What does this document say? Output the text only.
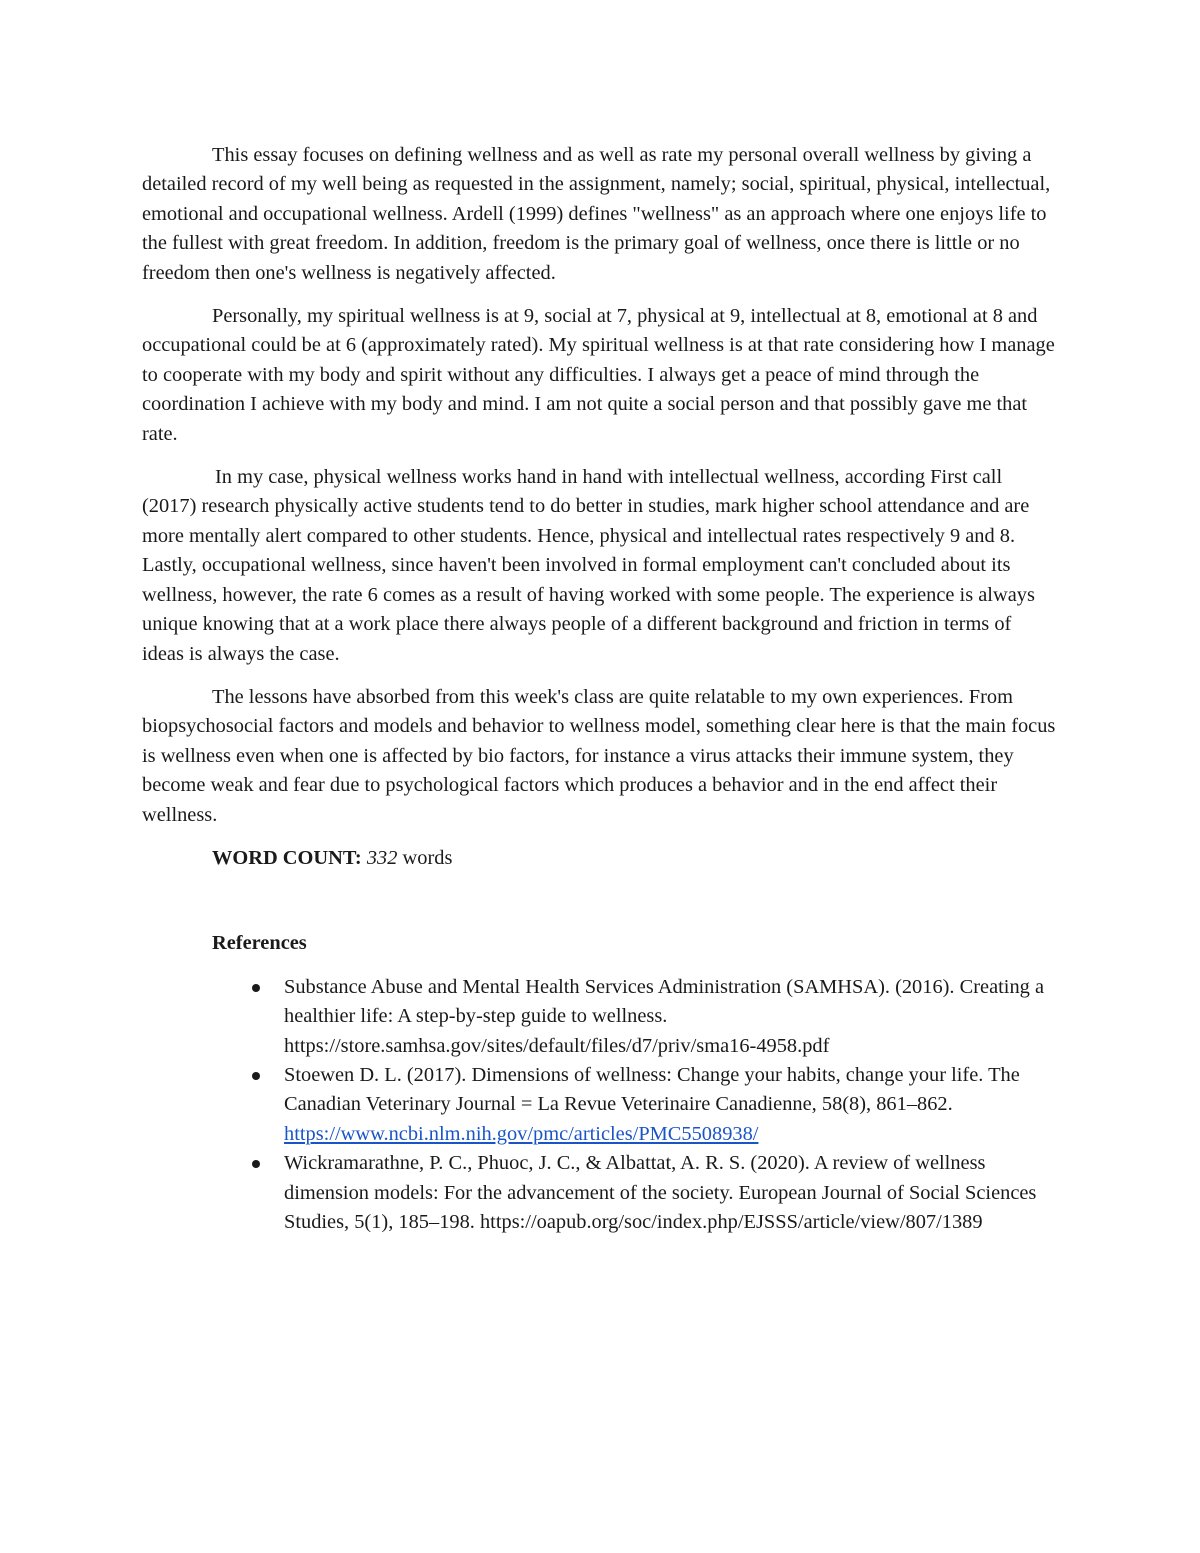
This essay focuses on defining wellness and as well as rate my personal overall wellness by giving a detailed record of my well being as requested in the assignment, namely; social, spiritual, physical, intellectual, emotional and occupational wellness. Ardell (1999) defines "wellness" as an approach where one enjoys life to the fullest with great freedom. In addition, freedom is the primary goal of wellness, once there is little or no freedom then one's wellness is negatively affected.

Personally, my spiritual wellness is at 9, social at 7, physical at 9, intellectual at 8, emotional at 8 and occupational could be at 6 (approximately rated). My spiritual wellness is at that rate considering how I manage to cooperate with my body and spirit without any difficulties. I always get a peace of mind through the coordination I achieve with my body and mind. I am not quite a social person and that possibly gave me that rate.

In my case, physical wellness works hand in hand with intellectual wellness, according First call (2017) research physically active students tend to do better in studies, mark higher school attendance and are more mentally alert compared to other students. Hence, physical and intellectual rates respectively 9 and 8. Lastly, occupational wellness, since haven't been involved in formal employment can't concluded about its wellness, however, the rate 6 comes as a result of having worked with some people. The experience is always unique knowing that at a work place there always people of a different background and friction in terms of ideas is always the case.

The lessons have absorbed from this week's class are quite relatable to my own experiences. From biopsychosocial factors and models and behavior to wellness model, something clear here is that the main focus is wellness even when one is affected by bio factors, for instance a virus attacks their immune system, they become weak and fear due to psychological factors which produces a behavior and in the end affect their wellness.

WORD COUNT: 332 words
References
Substance Abuse and Mental Health Services Administration (SAMHSA). (2016). Creating a healthier life: A step-by-step guide to wellness. https://store.samhsa.gov/sites/default/files/d7/priv/sma16-4958.pdf
Stoewen D. L. (2017). Dimensions of wellness: Change your habits, change your life. The Canadian Veterinary Journal = La Revue Veterinaire Canadienne, 58(8), 861–862. https://www.ncbi.nlm.nih.gov/pmc/articles/PMC5508938/
Wickramarathne, P. C., Phuoc, J. C., & Albattat, A. R. S. (2020). A review of wellness dimension models: For the advancement of the society. European Journal of Social Sciences Studies, 5(1), 185–198. https://oapub.org/soc/index.php/EJSSS/article/view/807/1389
